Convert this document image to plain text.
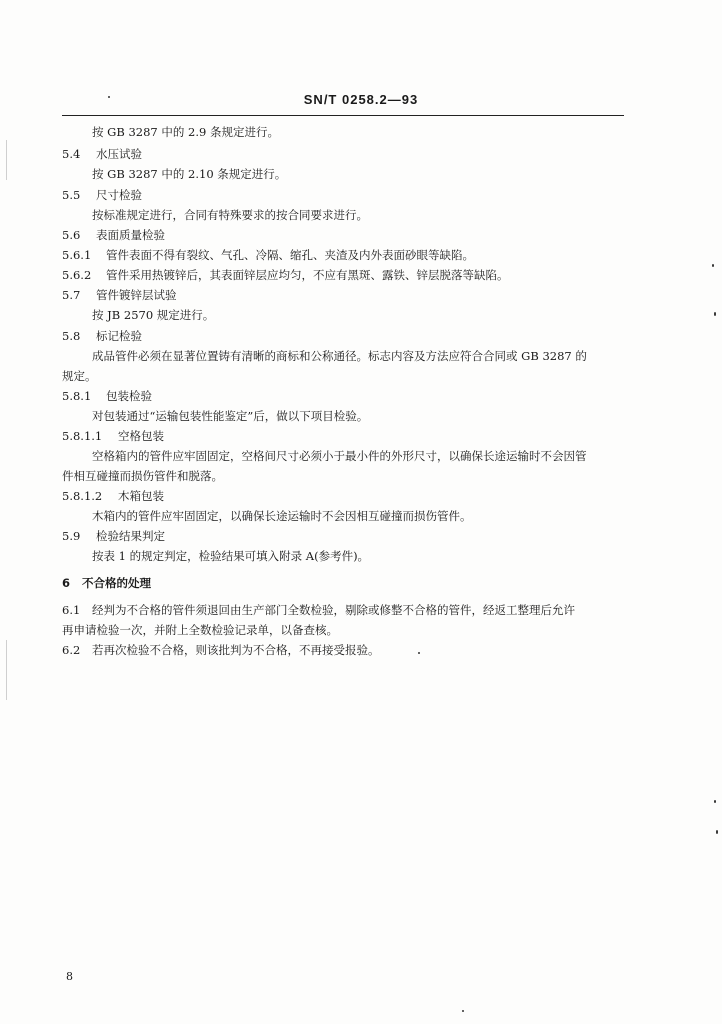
SN/T 0258.2—93
按 GB 3287 中的 2.9 条规定进行。
5.4 水压试验
按 GB 3287 中的 2.10 条规定进行。
5.5 尺寸检验
按标准规定进行，合同有特殊要求的按合同要求进行。
5.6 表面质量检验
5.6.1 管件表面不得有裂纹、气孔、冷隔、缩孔、夹渣及内外表面砂眼等缺陷。
5.6.2 管件采用热镀锌后，其表面锌层应均匀，不应有黑斑、露铁、锌层脱落等缺陷。
5.7 管件镀锌层试验
按 JB 2570 规定进行。
5.8 标记检验
成品管件必须在显著位置铸有清晰的商标和公称通径。标志内容及方法应符合合同或 GB 3287 的
规定。
5.8.1 包装检验
对包装通过“运输包装性能鉴定”后，做以下项目检验。
5.8.1.1 空格包装
空格箱内的管件应牢固固定，空格间尺寸必须小于最小件的外形尺寸，以确保长途运输时不会因管
件相互碰撞而损伤管件和脱落。
5.8.1.2 木箱包装
木箱内的管件应牢固固定，以确保长途运输时不会因相互碰撞而损伤管件。
5.9 检验结果判定
按表 1 的规定判定，检验结果可填入附录 A(参考件)。
6 不合格的处理
6.1 经判为不合格的管件须退回由生产部门全数检验，剔除或修整不合格的管件，经返工整理后允许
再申请检验一次，并附上全数检验记录单，以备查核。
6.2 若再次检验不合格，则该批判为不合格，不再接受报验。
8
